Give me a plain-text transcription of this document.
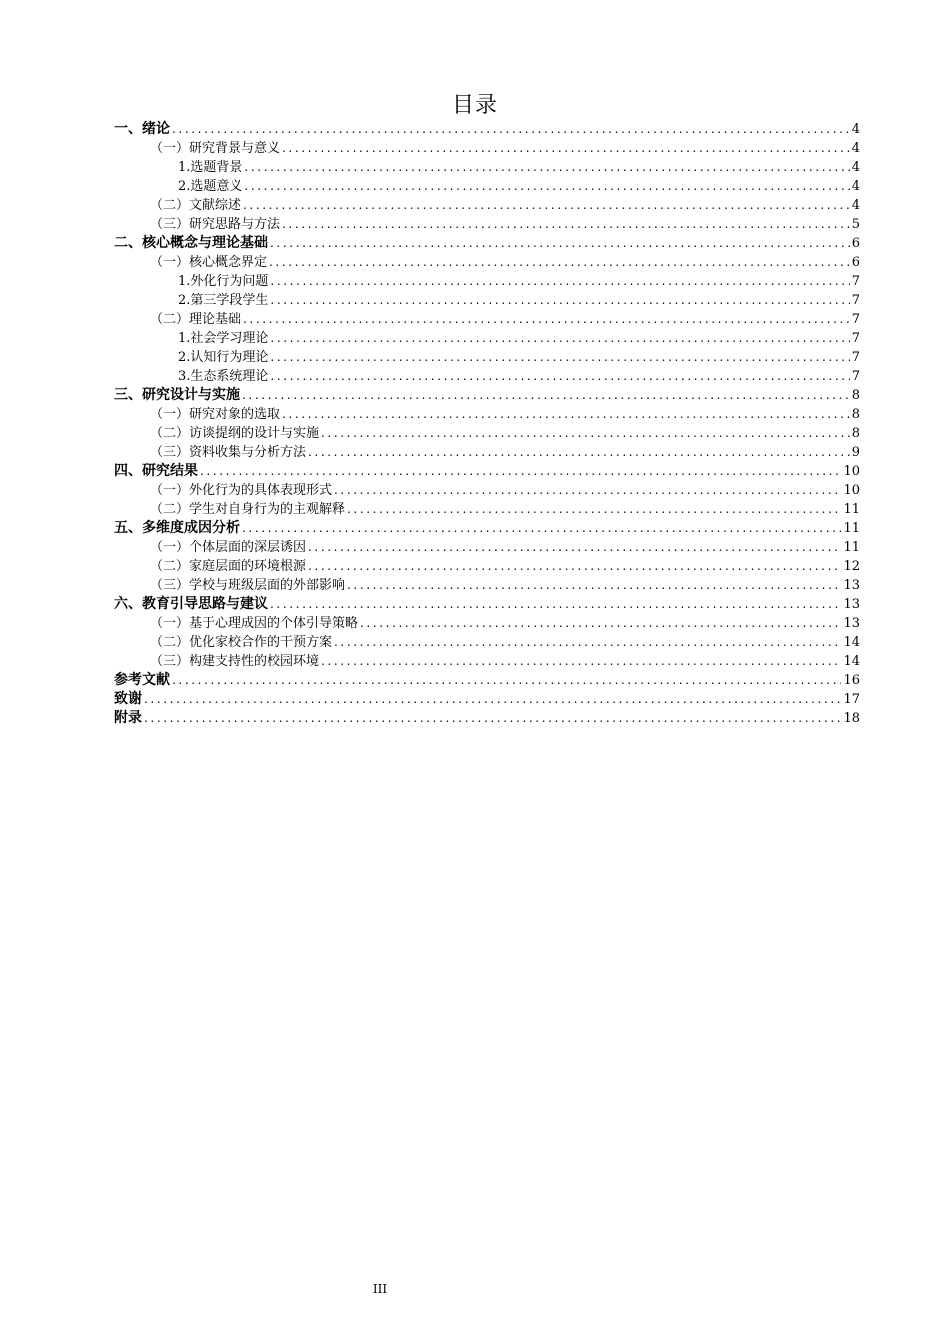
目录
一、绪论 .....	4
（一）研究背景与意义 .....	4
1.选题背景 .....	4
2.选题意义 .....	4
（二）文献综述 .....	4
（三）研究思路与方法 .....	5
二、核心概念与理论基础 .....	6
（一）核心概念界定 .....	6
1.外化行为问题 .....	7
2.第三学段学生 .....	7
（二）理论基础 .....	7
1.社会学习理论 .....	7
2.认知行为理论 .....	7
3.生态系统理论 .....	7
三、研究设计与实施 .....	8
（一）研究对象的选取 .....	8
（二）访谈提纲的设计与实施 .....	8
（三）资料收集与分析方法 .....	9
四、研究结果 .....	10
（一）外化行为的具体表现形式 .....	10
（二）学生对自身行为的主观解释 .....	11
五、多维度成因分析 .....	11
（一）个体层面的深层诱因 .....	11
（二）家庭层面的环境根源 .....	12
（三）学校与班级层面的外部影响 .....	13
六、教育引导思路与建议 .....	13
（一）基于心理成因的个体引导策略 .....	13
（二）优化家校合作的干预方案 .....	14
（三）构建支持性的校园环境 .....	14
参考文献 .....	16
致谢 .....	17
附录 .....	18
III
